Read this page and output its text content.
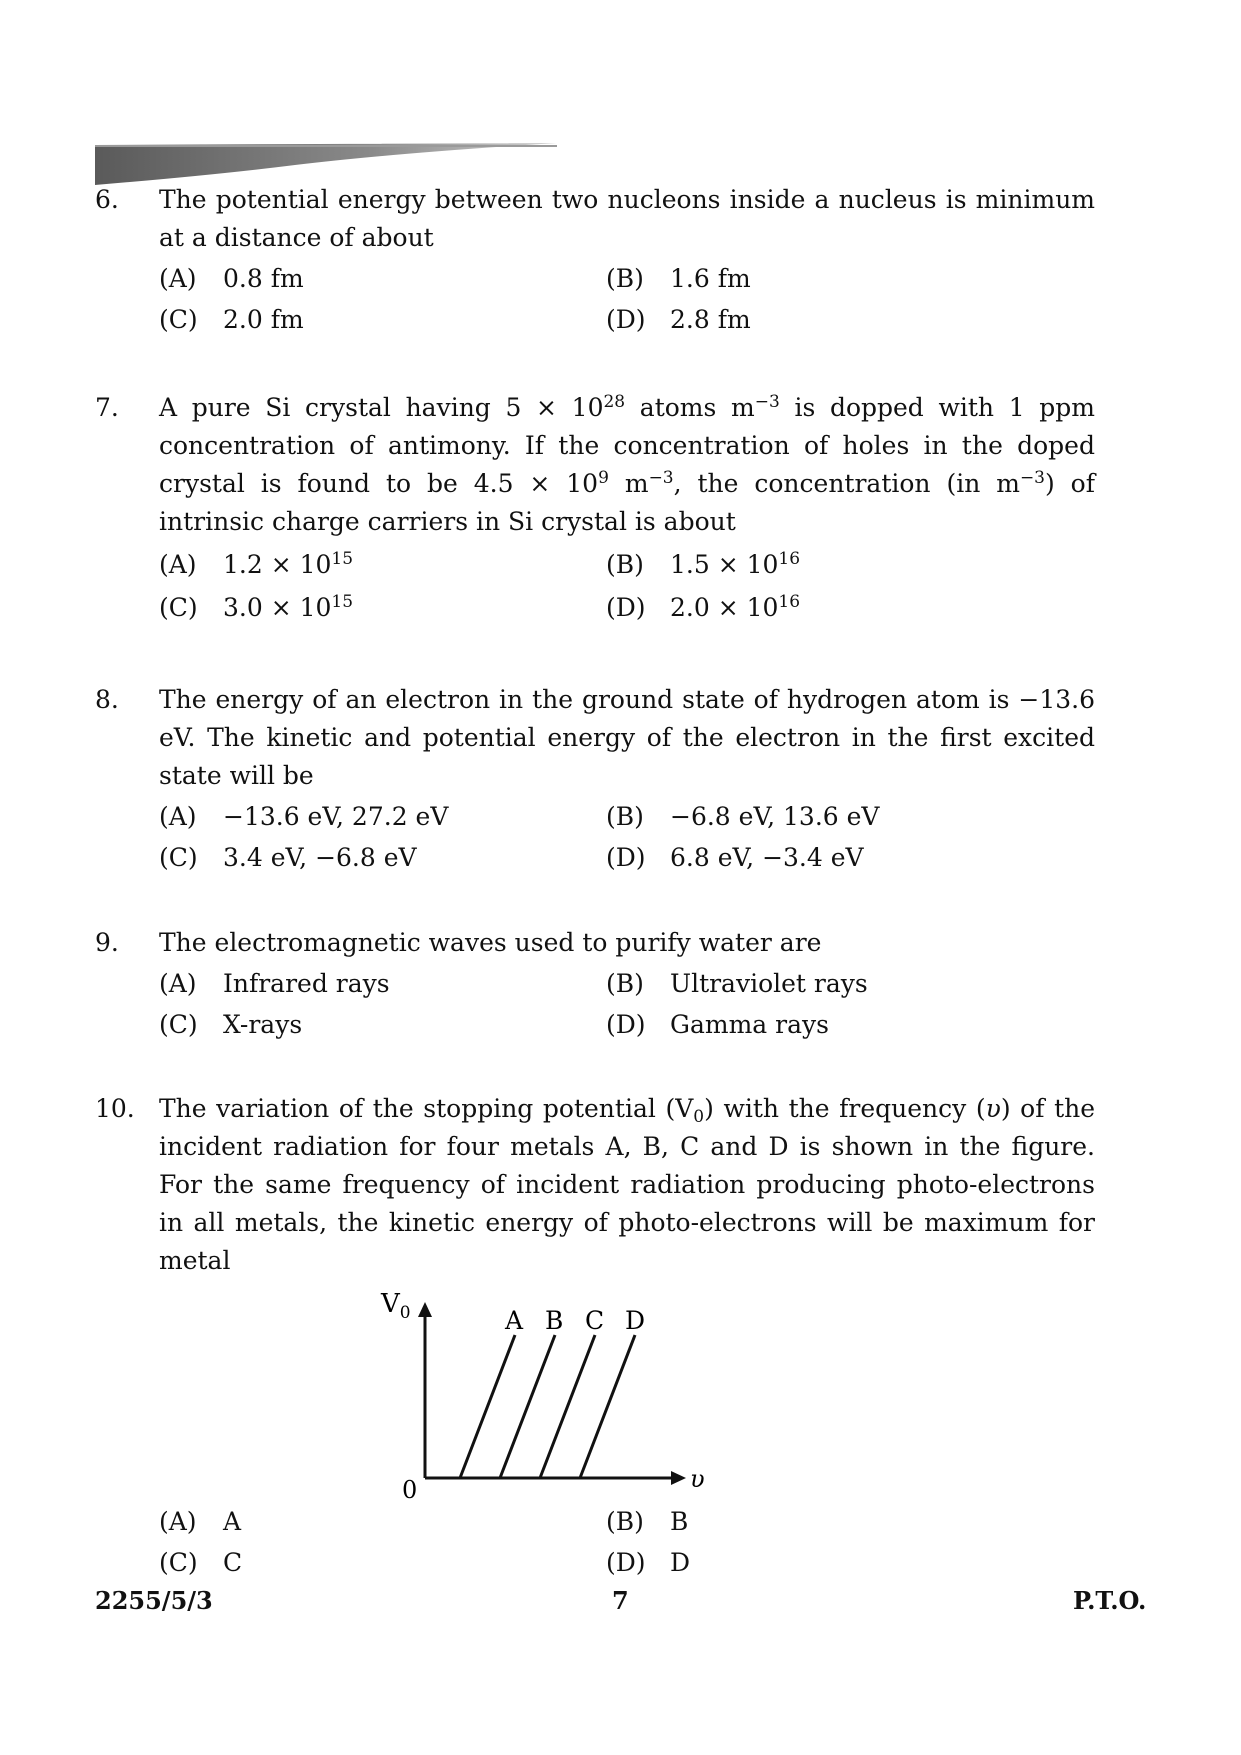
6. The potential energy between two nucleons inside a nucleus is minimum at a distance of about
(A) 0.8 fm	(B) 1.6 fm
(C) 2.0 fm	(D) 2.8 fm
7. A pure Si crystal having $5 \times 10^{28}$ atoms $m^{-3}$ is dopped with 1 ppm concentration of antimony. If the concentration of holes in the doped crystal is found to be $4.5 \times 10^9$ $m^{-3}$, the concentration (in $m^{-3}$) of intrinsic charge carriers in Si crystal is about
(A) $1.2 \times 10^{15}$	(B) $1.5 \times 10^{16}$
(C) $3.0 \times 10^{15}$	(D) $2.0 \times 10^{16}$
8. The energy of an electron in the ground state of hydrogen atom is −13.6 eV. The kinetic and potential energy of the electron in the first excited state will be
(A) −13.6 eV, 27.2 eV	(B) −6.8 eV, 13.6 eV
(C) 3.4 eV, −6.8 eV	(D) 6.8 eV, −3.4 eV
9. The electromagnetic waves used to purify water are
(A) Infrared rays	(B) Ultraviolet rays
(C) X-rays	(D) Gamma rays
10. The variation of the stopping potential $(V_0)$ with the frequency (υ) of the incident radiation for four metals A, B, C and D is shown in the figure. For the same frequency of incident radiation producing photo-electrons in all metals, the kinetic energy of photo-electrons will be maximum for metal
$V_0$
υ
0
A B C D
(A) A	(B) B
(C) C	(D) D
2255/5/3	7	P.T.O.
